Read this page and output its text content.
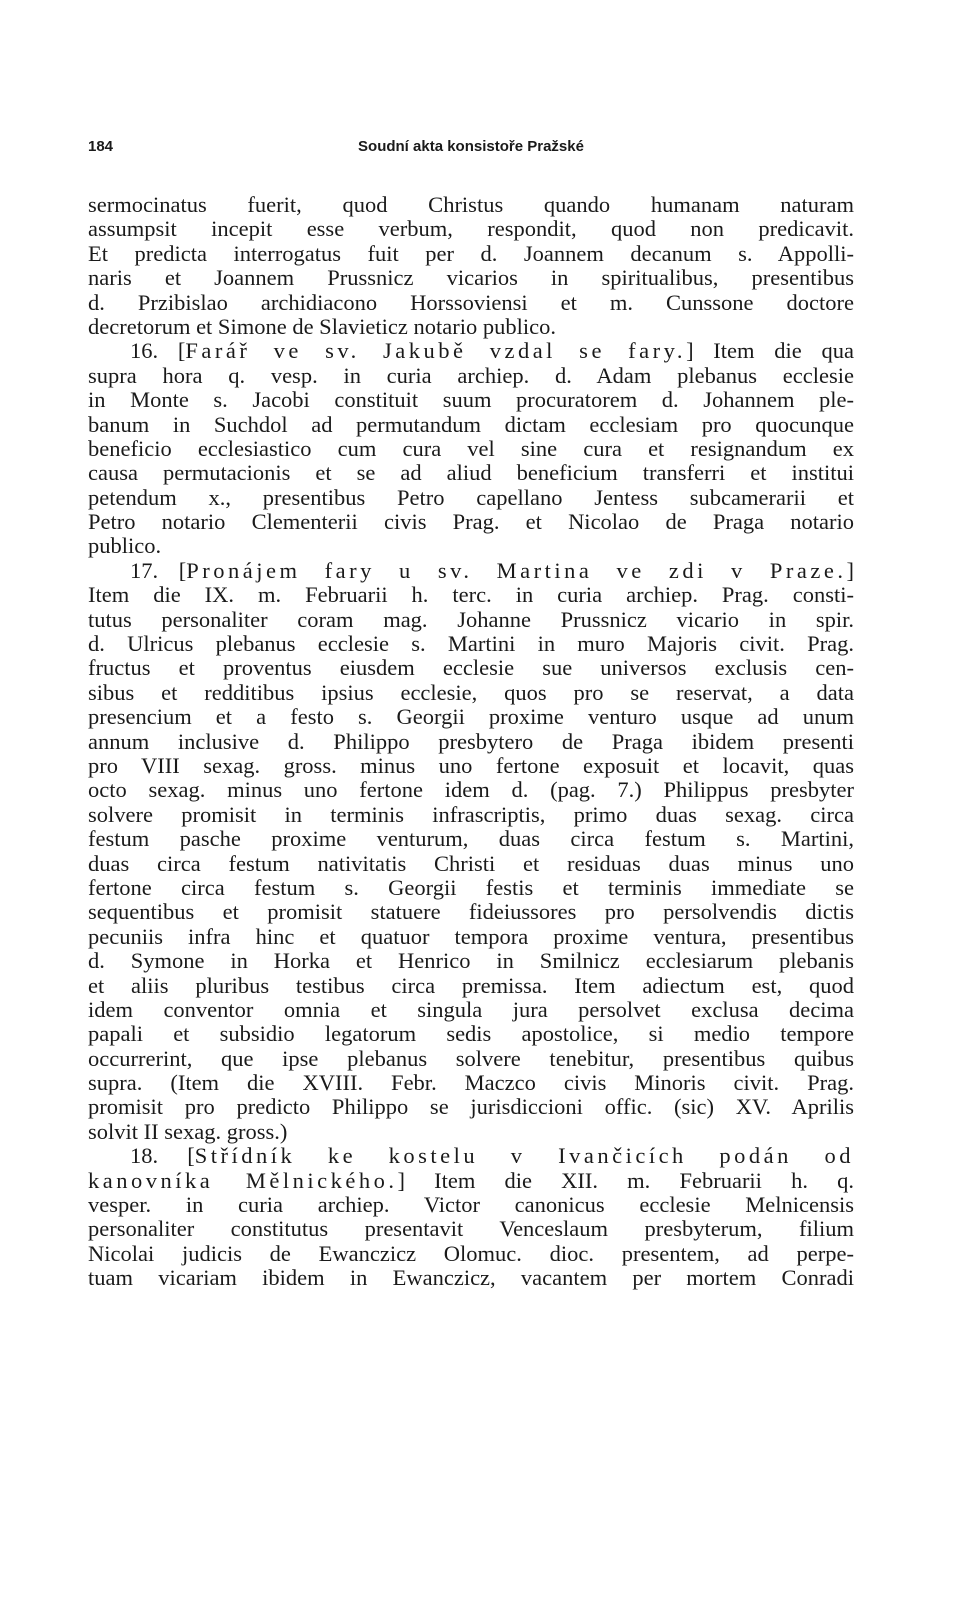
184	Soudní akta konsistoře Pražské
sermocinatus fuerit, quod Christus quando humanam naturam
assumpsit incepit esse verbum, respondit, quod non predicavit.
Et predicta interrogatus fuit per d. Joannem decanum s. Appolli-
naris et Joannem Prussnicz vicarios in spiritualibus, presentibus
d. Przibislao archidiacono Horssoviensi et m. Cunssone doctore
decretorum et Simone de Slavieticz notario publico.
16. [Farář ve sv. Jakubě vzdal se fary.] Item die qua
supra hora q. vesp. in curia archiep. d. Adam plebanus ecclesie
in Monte s. Jacobi constituit suum procuratorem d. Johannem ple-
banum in Suchdol ad permutandum dictam ecclesiam pro quocunque
beneficio ecclesiastico cum cura vel sine cura et resignandum ex
causa permutacionis et se ad aliud beneficium transferri et institui
petendum x., presentibus Petro capellano Jentess subcamerarii et
Petro notario Clementerii civis Prag. et Nicolao de Praga notario
publico.
17. [Pronájem fary u sv. Martina ve zdi v Praze.]
Item die IX. m. Februarii h. terc. in curia archiep. Prag. consti-
tutus personaliter coram mag. Johanne Prussnicz vicario in spir.
d. Ulricus plebanus ecclesie s. Martini in muro Majoris civit. Prag.
fructus et proventus eiusdem ecclesie sue universos exclusis cen-
sibus et redditibus ipsius ecclesie, quos pro se reservat, a data
presencium et a festo s. Georgii proxime venturo usque ad unum
annum inclusive d. Philippo presbytero de Praga ibidem presenti
pro VIII sexag. gross. minus uno fertone exposuit et locavit, quas
octo sexag. minus uno fertone idem d. (pag. 7.) Philippus presbyter
solvere promisit in terminis infrascriptis, primo duas sexag. circa
festum pasche proxime venturum, duas circa festum s. Martini,
duas circa festum nativitatis Christi et residuas duas minus uno
fertone circa festum s. Georgii festis et terminis immediate se
sequentibus et promisit statuere fideiussores pro persolvendis dictis
pecuniis infra hinc et quatuor tempora proxime ventura, presentibus
d. Symone in Horka et Henrico in Smilnicz ecclesiarum plebanis
et aliis pluribus testibus circa premissa. Item adiectum est, quod
idem conventor omnia et singula jura persolvet exclusa decima
papali et subsidio legatorum sedis apostolice, si medio tempore
occurrerint, que ipse plebanus solvere tenebitur, presentibus quibus
supra. (Item die XVIII. Febr. Maczco civis Minoris civit. Prag.
promisit pro predicto Philippo se jurisdiccioni offic. (sic) XV. Aprilis
solvit II sexag. gross.)
18. [Střídník ke kostelu v Ivančicích podán od
kanovníka Mělnického.] Item die XII. m. Februarii h. q.
vesper. in curia archiep. Victor canonicus ecclesie Melnicensis
personaliter constitutus presentavit Venceslaum presbyterum, filium
Nicolai judicis de Ewanczicz Olomuc. dioc. presentem, ad perpe-
tuam vicariam ibidem in Ewanczicz, vacantem per mortem Conradi
